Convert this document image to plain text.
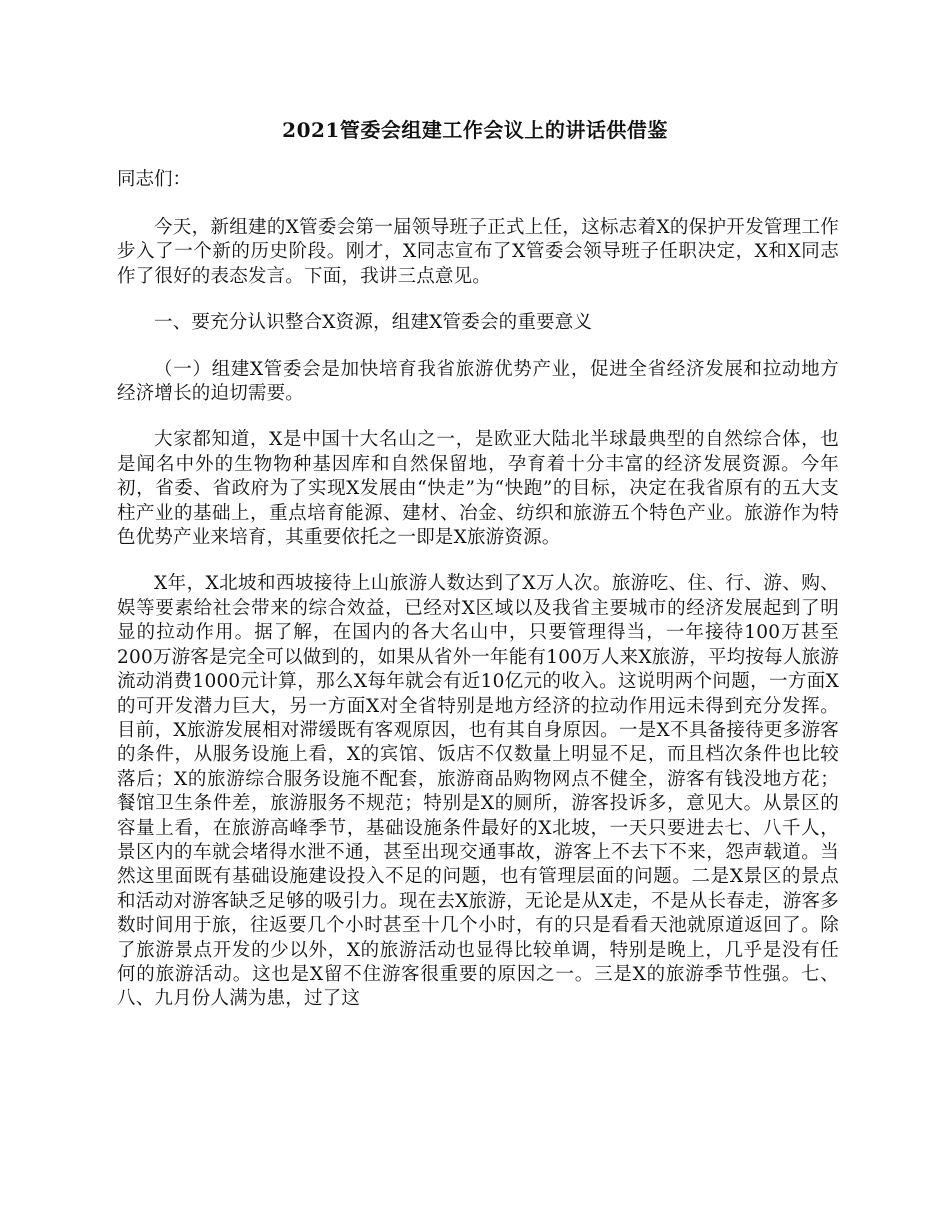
2021管委会组建工作会议上的讲话供借鉴

同志们：

今天，新组建的X管委会第一届领导班子正式上任，这标志着X的保护开发管理工作步入了一个新的历史阶段。刚才，X同志宣布了X管委会领导班子任职决定，X和X同志作了很好的表态发言。下面，我讲三点意见。

一、要充分认识整合X资源，组建X管委会的重要意义

（一）组建X管委会是加快培育我省旅游优势产业，促进全省经济发展和拉动地方经济增长的迫切需要。

大家都知道，X是中国十大名山之一，是欧亚大陆北半球最典型的自然综合体，也是闻名中外的生物物种基因库和自然保留地，孕育着十分丰富的经济发展资源。今年初，省委、省政府为了实现X发展由“快走”为“快跑”的目标，决定在我省原有的五大支柱产业的基础上，重点培育能源、建材、冶金、纺织和旅游五个特色产业。旅游作为特色优势产业来培育，其重要依托之一即是X旅游资源。

X年，X北坡和西坡接待上山旅游人数达到了X万人次。旅游吃、住、行、游、购、娱等要素给社会带来的综合效益，已经对X区域以及我省主要城市的经济发展起到了明显的拉动作用。据了解，在国内的各大名山中，只要管理得当，一年接待100万甚至200万游客是完全可以做到的，如果从省外一年能有100万人来X旅游，平均按每人旅游流动消费1000元计算，那么X每年就会有近10亿元的收入。这说明两个问题，一方面X的可开发潜力巨大，另一方面X对全省特别是地方经济的拉动作用远未得到充分发挥。目前，X旅游发展相对滞缓既有客观原因，也有其自身原因。一是X不具备接待更多游客的条件，从服务设施上看，X的宾馆、饭店不仅数量上明显不足，而且档次条件也比较落后；X的旅游综合服务设施不配套，旅游商品购物网点不健全，游客有钱没地方花；餐馆卫生条件差，旅游服务不规范；特别是X的厕所，游客投诉多，意见大。从景区的容量上看，在旅游高峰季节，基础设施条件最好的X北坡，一天只要进去七、八千人，景区内的车就会堵得水泄不通，甚至出现交通事故，游客上不去下不来，怨声载道。当然这里面既有基础设施建设投入不足的问题，也有管理层面的问题。二是X景区的景点和活动对游客缺乏足够的吸引力。现在去X旅游，无论是从X走，不是从长春走，游客多数时间用于旅，往返要几个小时甚至十几个小时，有的只是看看天池就原道返回了。除了旅游景点开发的少以外，X的旅游活动也显得比较单调，特别是晚上，几乎是没有任何的旅游活动。这也是X留不住游客很重要的原因之一。三是X的旅游季节性强。七、八、九月份人满为患，过了这
